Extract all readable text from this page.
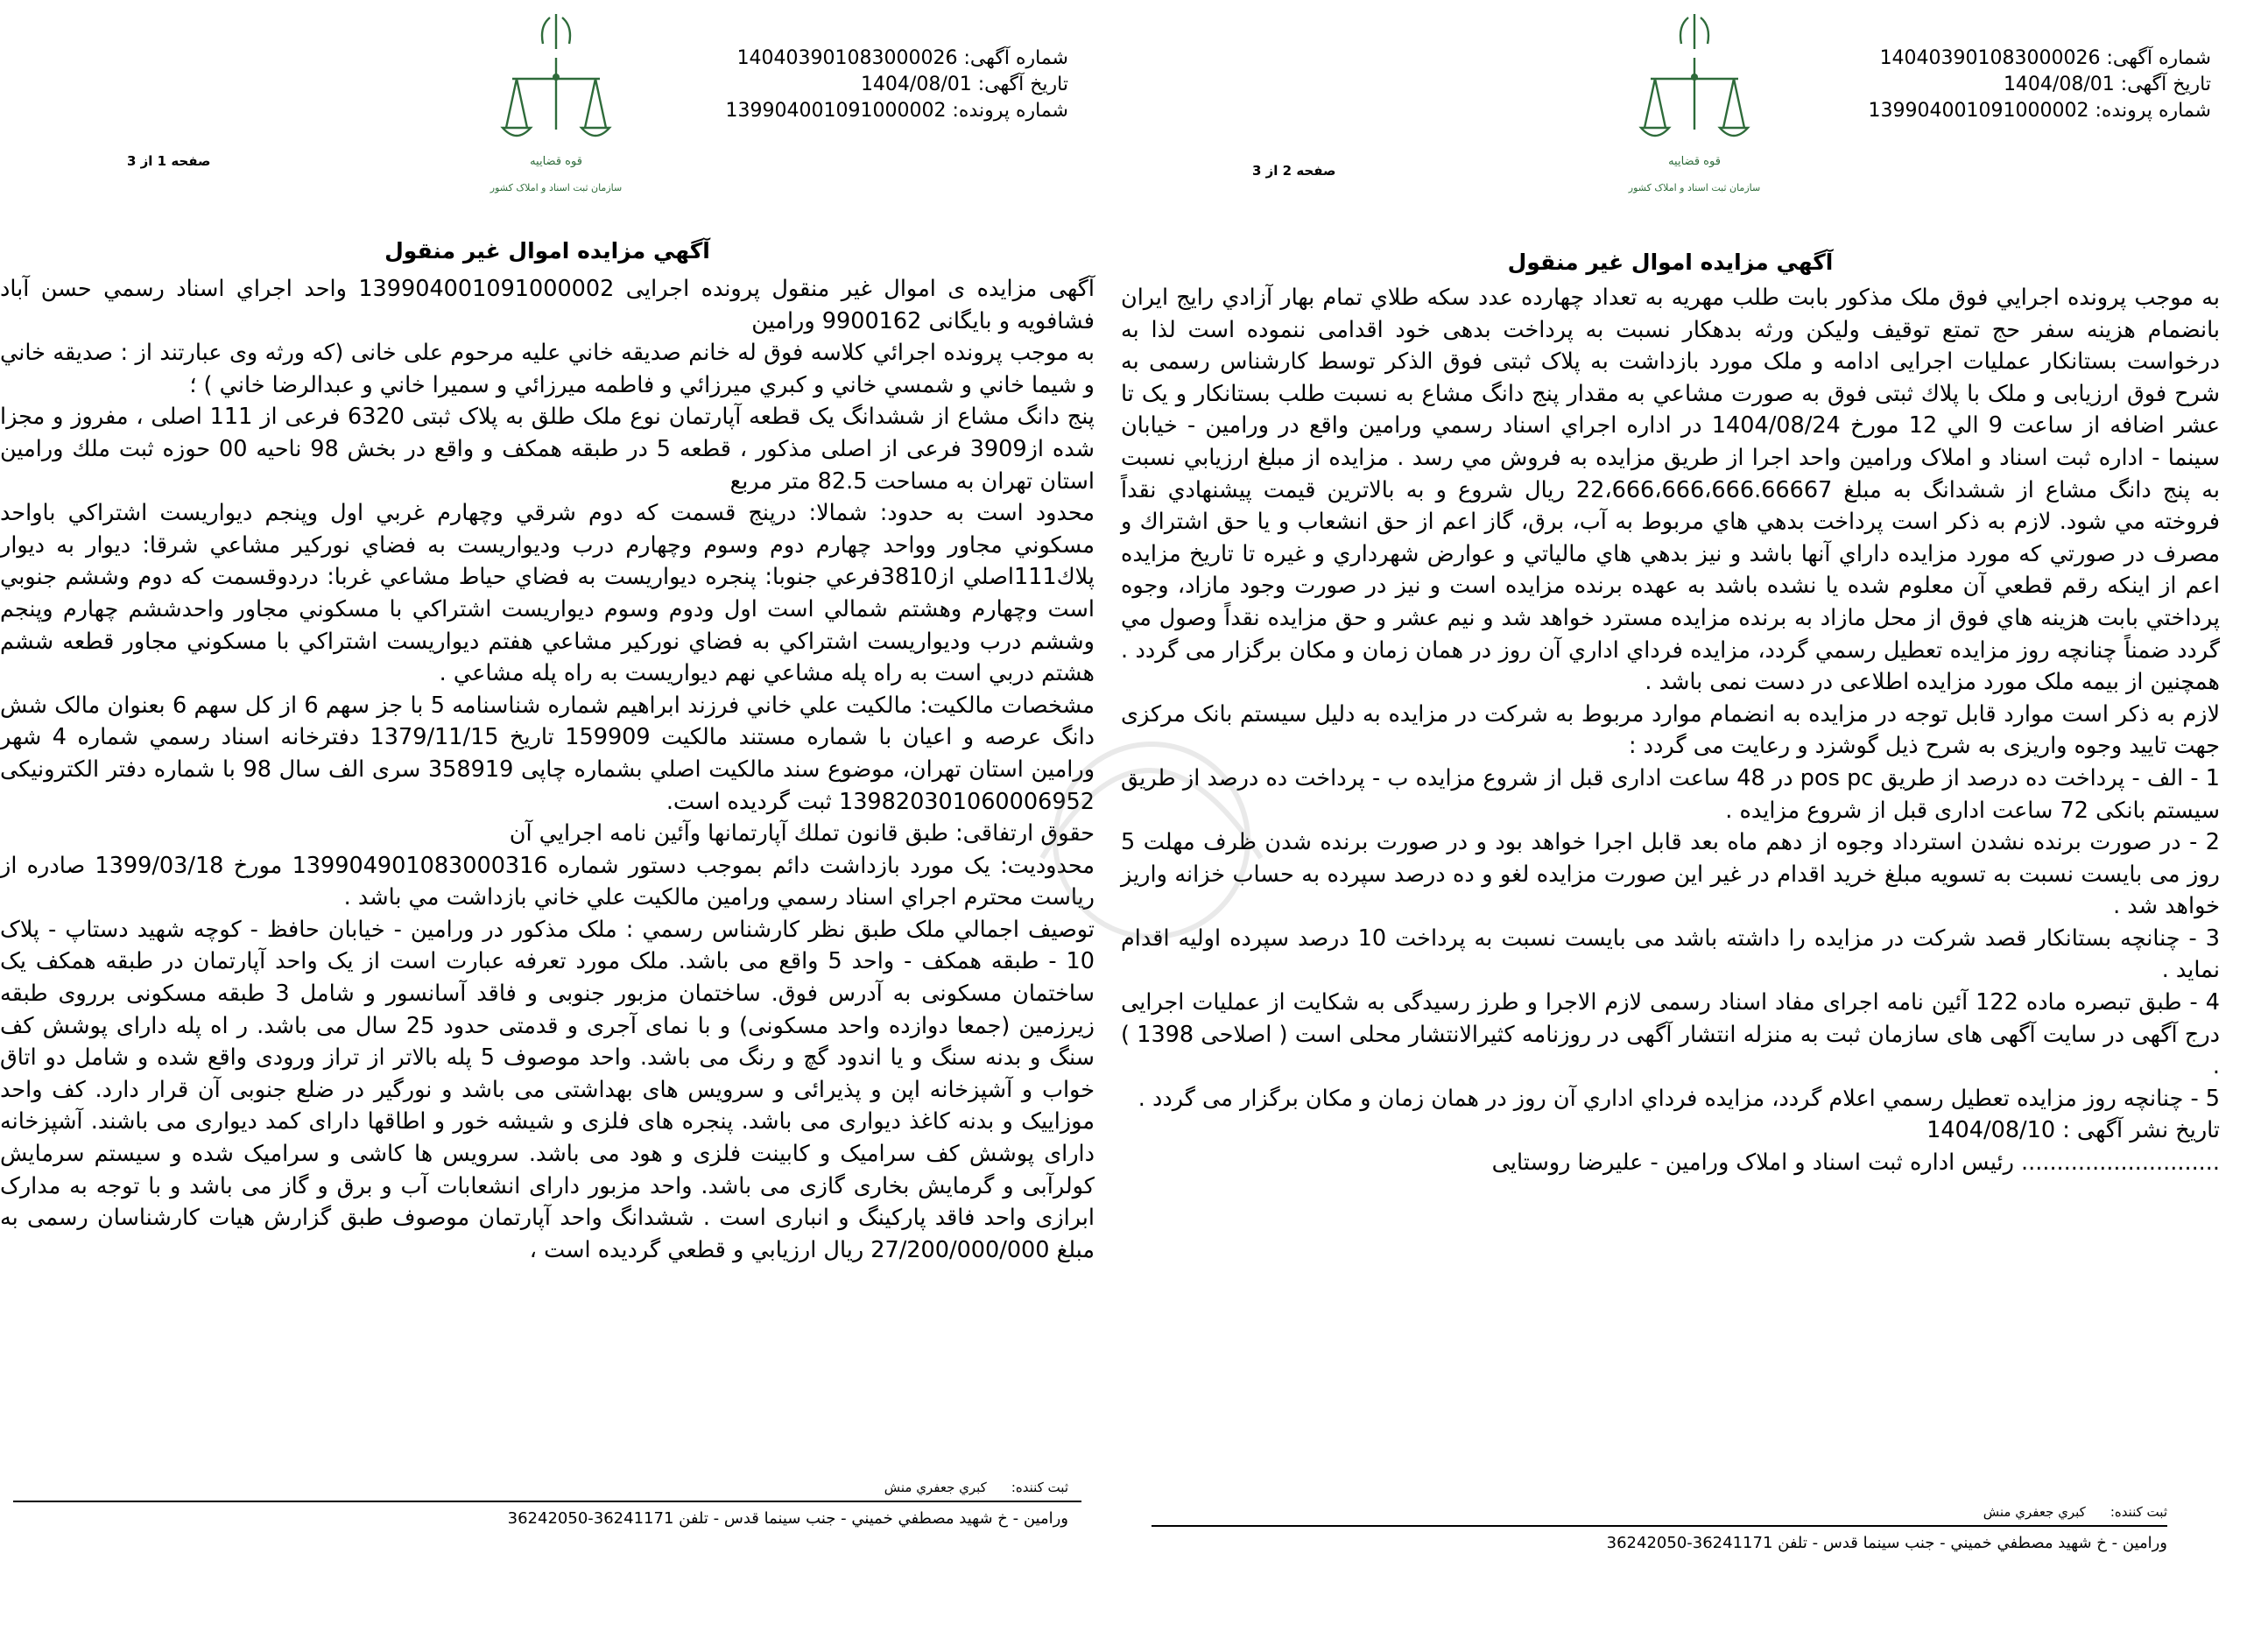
شماره آگهی: 140403901083000026
تاریخ آگهی: 1404/08/01
شماره پرونده: 139904001091000002
قوه قضاییه
سازمان ثبت اسناد و املاک کشور
صفحه 1 از 3
آگهي مزايده اموال غير منقول

آگهی مزايده ی اموال غير منقول پرونده اجرايی 139904001091000002 واحد اجراي اسناد رسمي حسن آباد فشافويه و بايگانی 9900162 ورامين

به موجب پرونده اجرائي كلاسه فوق له خانم صديقه خاني عليه مرحوم علی خانی (که ورثه وی عبارتند از : صديقه خاني و شيما خاني و شمسي خاني و کبري ميرزائي و فاطمه ميرزائي و سميرا خاني و عبدالرضا خاني ) ؛

پنج دانگ مشاع از ششدانگ يک قطعه آپارتمان نوع ملک طلق به پلاک ثبتی 6320 فرعی از 111 اصلی ، مفروز و مجزا شده از3909 فرعی از اصلی مذکور ، قطعه 5 در طبقه همکف و واقع در بخش 98 ناحيه 00 حوزه ثبت ملك ورامين استان تهران به مساحت 82.5 متر مربع

محدود است به حدود: شمالا: درپنج قسمت كه دوم شرقي وچهارم غربي اول وپنجم ديواريست اشتراكي باواحد مسكوني مجاور وواحد چهارم دوم وسوم وچهارم درب وديواريست به فضاي نوركير مشاعي شرقا: ديوار به ديوار پلاك111اصلي از3810فرعي جنوبا: پنجره ديواريست به فضاي حياط مشاعي غربا: دردوقسمت كه دوم وششم جنوبي است وچهارم وهشتم شمالي است اول ودوم وسوم ديواريست اشتراكي با مسكوني مجاور واحدششم چهارم وپنجم وششم درب وديواريست اشتراكي به فضاي نوركير مشاعي هفتم ديواريست اشتراكي با مسكوني مجاور قطعه ششم هشتم دربي است به راه پله مشاعي نهم ديواريست به راه پله مشاعي .

مشخصات مالکيت: مالكيت علي خاني فرزند ابراهيم شماره شناسنامه 5 با جز سهم 6 از كل سهم 6 بعنوان مالک شش دانگ عرصه و اعيان با شماره مستند مالكيت 159909 تاريخ 1379/11/15 دفترخانه اسناد رسمي شماره 4 شهر ورامين استان تهران، موضوع سند مالكيت اصلي بشماره چاپی 358919 سری الف سال 98 با شماره دفتر الکترونيکی 139820301060006952 ثبت گرديده است.

حقوق ارتفاقی: طبق قانون تملك آپارتمانها وآئين نامه اجرايي آن

محدوديت: يک مورد بازداشت دائم بموجب دستور شماره 139904901083000316 مورخ 1399/03/18 صادره از رياست محترم اجراي اسناد رسمي ورامين مالكيت علي خاني بازداشت مي باشد .

توصيف اجمالي ملک طبق نظر کارشناس رسمي : ملک مذکور در ورامين - خيابان حافظ - کوچه شهيد دستاپ - پلاک 10 - طبقه همکف - واحد 5 واقع می باشد. ملک مورد تعرفه عبارت است از يک واحد آپارتمان در طبقه همکف يک ساختمان مسکونی به آدرس فوق. ساختمان مزبور جنوبی و فاقد آسانسور و شامل 3 طبقه مسکونی برروی طبقه زيرزمين (جمعا دوازده واحد مسکونی) و با نمای آجری و قدمتی حدود 25 سال می باشد. ر اه پله دارای پوشش کف سنگ و بدنه سنگ و يا اندود گچ و رنگ می باشد. واحد موصوف 5 پله بالاتر از تراز ورودی واقع شده و شامل دو اتاق خواب و آشپزخانه اپن و پذيرائی و سرويس های بهداشتی می باشد و نورگير در ضلع جنوبی آن قرار دارد. کف واحد موزاييک و بدنه کاغذ ديواری می باشد. پنجره های فلزی و شيشه خور و اطاقها دارای کمد ديواری می باشند. آشپزخانه دارای پوشش کف سراميک و کابينت فلزی و هود می باشد. سرويس ها کاشی و سراميک شده و سيستم سرمايش کولرآبی و گرمايش بخاری گازی می باشد. واحد مزبور دارای انشعابات آب و برق و گاز می باشد و با توجه به مدارک ابرازی واحد فاقد پارکينگ و انباری است . ششدانگ واحد آپارتمان موصوف طبق گزارش هيات کارشناسان رسمی به مبلغ 27/200/000/000 ريال ارزيابي و قطعي گرديده است ،

ثبت کننده:کبري جعفري منش
ورامين - خ شهيد مصطفي خميني - جنب سينما قدس - تلفن 36241171-36242050
شماره آگهی: 140403901083000026
تاریخ آگهی: 1404/08/01
شماره پرونده: 139904001091000002
قوه قضاییه
سازمان ثبت اسناد و املاک کشور
صفحه 2 از 3
آگهي مزايده اموال غير منقول

به موجب پرونده اجرايي فوق ملک مذکور بابت طلب مهريه به تعداد چهارده عدد سکه طلاي تمام بهار آزادي رايج ايران بانضمام هزينه سفر حج تمتع توقيف وليکن ورثه بدهکار نسبت به پرداخت بدهی خود اقدامی ننموده است لذا به درخواست بستانکار عمليات اجرايی ادامه و ملک مورد بازداشت به پلاک ثبتی فوق الذکر توسط کارشناس رسمی به شرح فوق ارزيابی و ملک با پلاك ثبتی فوق به صورت مشاعي به مقدار پنج دانگ مشاع به نسبت طلب بستانکار و يک تا عشر اضافه از ساعت 9 الي 12 مورخ 1404/08/24 در اداره اجراي اسناد رسمي ورامين واقع در ورامين - خيابان سينما - اداره ثبت اسناد و املاک ورامين واحد اجرا از طريق مزايده به فروش مي رسد . مزايده از مبلغ ارزيابي نسبت به پنج دانگ مشاع از ششدانگ به مبلغ 22،666،666،666.66667 ريال شروع و به بالاترين قيمت پيشنهادي نقداً فروخته مي شود. لازم به ذکر است پرداخت بدهي هاي مربوط به آب، برق، گاز اعم از حق انشعاب و يا حق اشتراك و مصرف در صورتي که مورد مزايده داراي آنها باشد و نيز بدهي هاي مالياتي و عوارض شهرداري و غيره تا تاريخ مزايده اعم از اينکه رقم قطعي آن معلوم شده يا نشده باشد به عهده برنده مزايده است و نيز در صورت وجود مازاد، وجوه پرداختي بابت هزينه هاي فوق از محل مازاد به برنده مزايده مسترد خواهد شد و نيم عشر و حق مزايده نقداً وصول مي گردد ضمناً چنانچه روز مزايده تعطيل رسمي گردد، مزايده فرداي اداري آن روز در همان زمان و مکان برگزار می گردد . همچنين از بيمه ملک مورد مزايده اطلاعی در دست نمی باشد .

لازم به ذکر است موارد قابل توجه در مزايده به انضمام موارد مربوط به شرکت در مزايده به دليل سيستم بانک مرکزی جهت تاييد وجوه واريزی به شرح ذيل گوشزد و رعايت می گردد :

1 - الف - پرداخت ده درصد از طريق pos pc در 48 ساعت اداری قبل از شروع مزايده ب - پرداخت ده درصد از طريق سيستم بانکی 72 ساعت اداری قبل از شروع مزايده .

2 - در صورت برنده نشدن استرداد وجوه از دهم ماه بعد قابل اجرا خواهد بود و در صورت برنده شدن ظرف مهلت 5 روز می بايست نسبت به تسويه مبلغ خريد اقدام در غير اين صورت مزايده لغو و ده درصد سپرده به حساب خزانه واريز خواهد شد .

3 - چنانچه بستانکار قصد شرکت در مزايده را داشته باشد می بايست نسبت به پرداخت 10 درصد سپرده اوليه اقدام نمايد .

4 - طبق تبصره ماده 122 آئين نامه اجرای مفاد اسناد رسمی لازم الاجرا و طرز رسيدگی به شکايت از عمليات اجرايی درج آگهی در سايت آگهی های سازمان ثبت به منزله انتشار آگهی در روزنامه کثيرالانتشار محلی است ( اصلاحی 1398 ) .

5 - چنانچه روز مزايده تعطيل رسمي اعلام گردد، مزايده فرداي اداري آن روز در همان زمان و مکان برگزار می گردد .

تاريخ نشر آگهی : 1404/08/10

............................ رئيس اداره ثبت اسناد و املاک ورامين - عليرضا روستايی

ثبت کننده:کبري جعفري منش
ورامين - خ شهيد مصطفي خميني - جنب سينما قدس - تلفن 36241171-36242050
